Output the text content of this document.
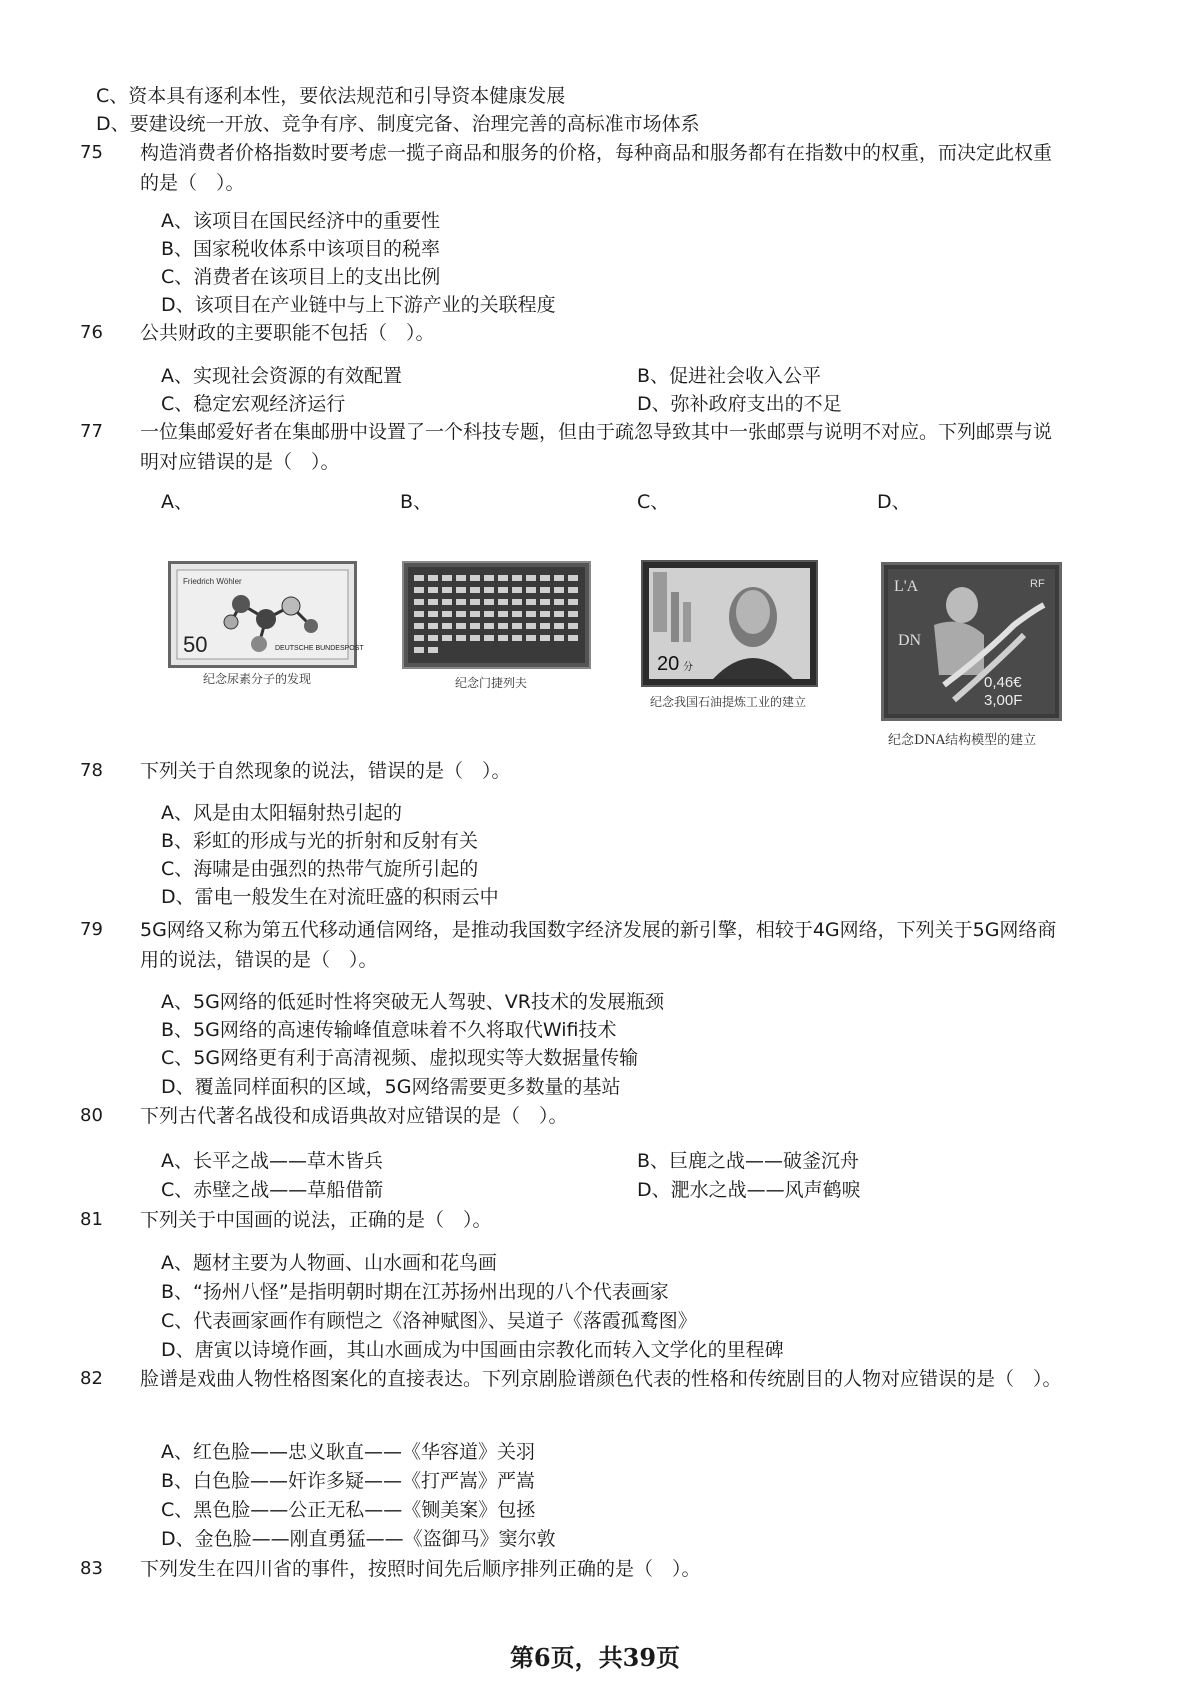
C、资本具有逐利本性，要依法规范和引导资本健康发展
D、要建设统一开放、竞争有序、制度完备、治理完善的高标准市场体系
75 构造消费者价格指数时要考虑一揽子商品和服务的价格，每种商品和服务都有在指数中的权重，而决定此权重的是（　）。
A、该项目在国民经济中的重要性
B、国家税收体系中该项目的税率
C、消费者在该项目上的支出比例
D、该项目在产业链中与上下游产业的关联程度
76 公共财政的主要职能不包括（　）。
A、实现社会资源的有效配置	B、促进社会收入公平
C、稳定宏观经济运行	D、弥补政府支出的不足
77 一位集邮爱好者在集邮册中设置了一个科技专题，但由于疏忽导致其中一张邮票与说明不对应。下列邮票与说明对应错误的是（　）。
A、	B、	C、	D、
Friedrich Wöhler
50	DEUTSCHE BUNDESPOST
纪念尿素分子的发现	纪念门捷列夫
20 分
纪念我国石油提炼工业的建立
L'A
DN
RF
0,46€
3,00F
纪念DNA结构模型的建立
78 下列关于自然现象的说法，错误的是（　）。
A、风是由太阳辐射热引起的
B、彩虹的形成与光的折射和反射有关
C、海啸是由强烈的热带气旋所引起的
D、雷电一般发生在对流旺盛的积雨云中
79 5G网络又称为第五代移动通信网络，是推动我国数字经济发展的新引擎，相较于4G网络，下列关于5G网络商用的说法，错误的是（　）。
A、5G网络的低延时性将突破无人驾驶、VR技术的发展瓶颈
B、5G网络的高速传输峰值意味着不久将取代Wifi技术
C、5G网络更有利于高清视频、虚拟现实等大数据量传输
D、覆盖同样面积的区域，5G网络需要更多数量的基站
80 下列古代著名战役和成语典故对应错误的是（　）。
A、长平之战——草木皆兵	B、巨鹿之战——破釜沉舟
C、赤壁之战——草船借箭	D、淝水之战——风声鹤唳
81 下列关于中国画的说法，正确的是（　）。
A、题材主要为人物画、山水画和花鸟画
B、“扬州八怪”是指明朝时期在江苏扬州出现的八个代表画家
C、代表画家画作有顾恺之《洛神赋图》、吴道子《落霞孤鹜图》
D、唐寅以诗境作画，其山水画成为中国画由宗教化而转入文学化的里程碑
82 脸谱是戏曲人物性格图案化的直接表达。下列京剧脸谱颜色代表的性格和传统剧目的人物对应错误的是（　）。
A、红色脸——忠义耿直——《华容道》关羽
B、白色脸——奸诈多疑——《打严嵩》严嵩
C、黑色脸——公正无私——《铡美案》包拯
D、金色脸——刚直勇猛——《盗御马》窦尔敦
83 下列发生在四川省的事件，按照时间先后顺序排列正确的是（　）。
第6页，共39页
